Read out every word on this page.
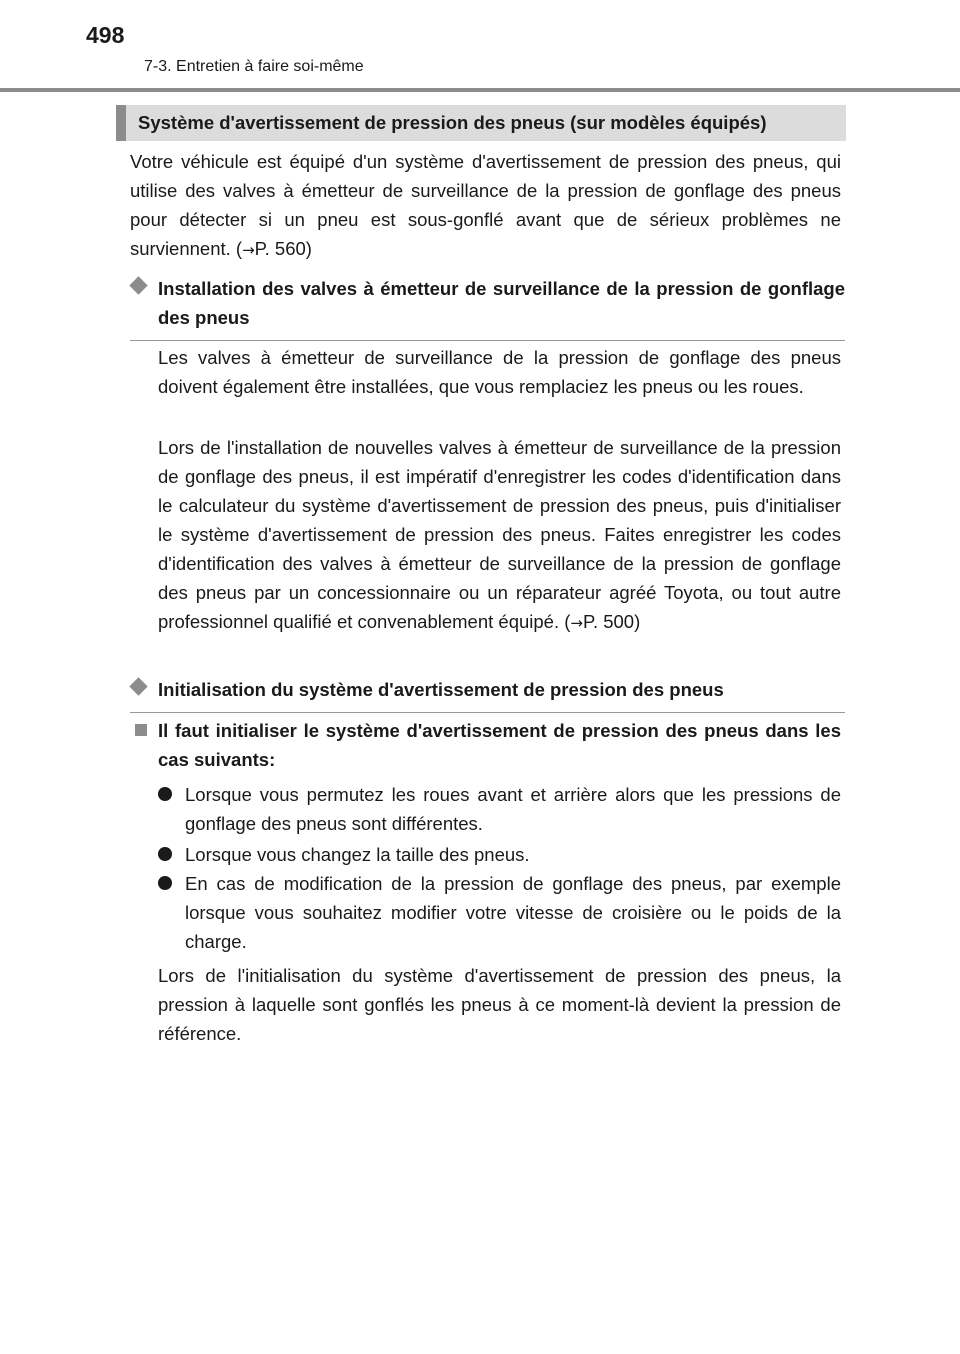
498
7-3. Entretien à faire soi-même
Système d'avertissement de pression des pneus (sur modèles équipés)

Votre véhicule est équipé d'un système d'avertissement de pression des pneus, qui utilise des valves à émetteur de surveillance de la pression de gonflage des pneus pour détecter si un pneu est sous-gonflé avant que de sérieux problèmes ne surviennent. (→P. 560)

Installation des valves à émetteur de surveillance de la pression de gonflage des pneus

Les valves à émetteur de surveillance de la pression de gonflage des pneus doivent également être installées, que vous remplaciez les pneus ou les roues.

Lors de l'installation de nouvelles valves à émetteur de surveillance de la pression de gonflage des pneus, il est impératif d'enregistrer les codes d'identification dans le calculateur du système d'avertissement de pression des pneus, puis d'initialiser le système d'avertissement de pression des pneus. Faites enregistrer les codes d'identification des valves à émetteur de surveillance de la pression de gonflage des pneus par un concessionnaire ou un réparateur agréé Toyota, ou tout autre professionnel qualifié et convenablement équipé. (→P. 500)

Initialisation du système d'avertissement de pression des pneus
Il faut initialiser le système d'avertissement de pression des pneus dans les cas suivants:
Lorsque vous permutez les roues avant et arrière alors que les pressions de gonflage des pneus sont différentes.
Lorsque vous changez la taille des pneus.
En cas de modification de la pression de gonflage des pneus, par exemple lorsque vous souhaitez modifier votre vitesse de croisière ou le poids de la charge.

Lors de l'initialisation du système d'avertissement de pression des pneus, la pression à laquelle sont gonflés les pneus à ce moment-là devient la pression de référence.
